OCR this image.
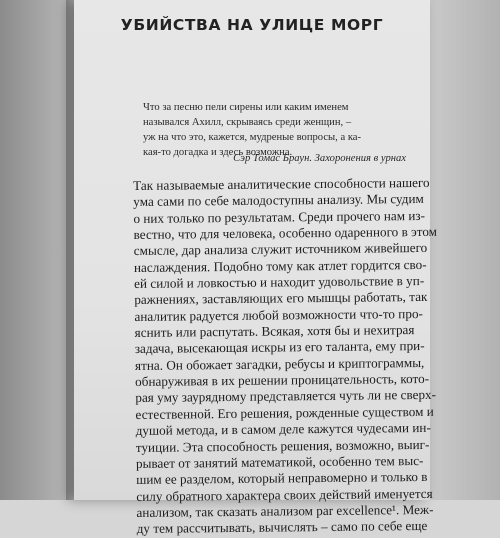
УБИЙСТВА НА УЛИЦЕ МОРГ
Что за песню пели сирены или каким именем
назывался Ахилл, скрываясь среди женщин, –
уж на что это, кажется, мудреные вопросы, а ка-
кая-то догадка и здесь возможна.
Сэр Томас Браун. Захоронения в урнах
Так называемые аналитические способности нашего
ума сами по себе малодоступны анализу. Мы судим
о них только по результатам. Среди прочего нам из-
вестно, что для человека, особенно одаренного в этом
смысле, дар анализа служит источником живейшего
наслаждения. Подобно тому как атлет гордится сво-
ей силой и ловкостью и находит удовольствие в уп-
ражнениях, заставляющих его мышцы работать, так
аналитик радуется любой возможности что-то про-
яснить или распутать. Всякая, хотя бы и нехитрая
задача, высекающая искры из его таланта, ему при-
ятна. Он обожает загадки, ребусы и криптограммы,
обнаруживая в их решении проницательность, кото-
рая уму заурядному представляется чуть ли не сверх-
естественной. Его решения, рожденные существом и
душой метода, и в самом деле кажутся чудесами ин-
туиции. Эта способность решения, возможно, выиг-
рывает от занятий математикой, особенно тем выс-
шим ее разделом, который неправомерно и только в
силу обратного характера своих действий именуется
анализом, так сказать анализом par excellence¹. Меж-
ду тем рассчитывать, вычислять – само по себе еще
